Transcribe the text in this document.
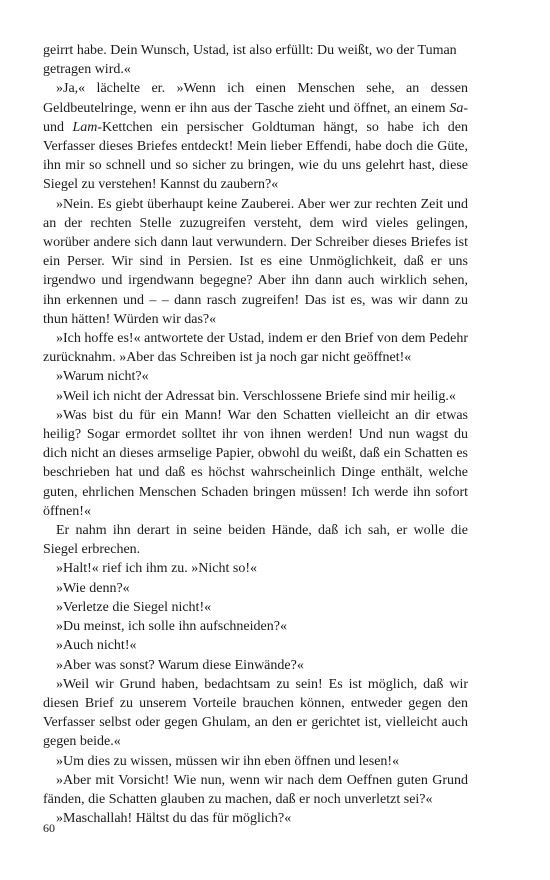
geirrt habe. Dein Wunsch, Ustad, ist also erfüllt: Du weißt, wo der Tuman getragen wird.«

»Ja,« lächelte er. »Wenn ich einen Menschen sehe, an dessen Geldbeutelringe, wenn er ihn aus der Tasche zieht und öffnet, an einem Sa- und Lam-Kettchen ein persischer Goldtuman hängt, so habe ich den Verfasser dieses Briefes entdeckt! Mein lieber Effendi, habe doch die Güte, ihn mir so schnell und so sicher zu bringen, wie du uns gelehrt hast, diese Siegel zu verstehen! Kannst du zaubern?«

»Nein. Es giebt überhaupt keine Zauberei. Aber wer zur rechten Zeit und an der rechten Stelle zuzugreifen versteht, dem wird vieles gelingen, worüber andere sich dann laut verwundern. Der Schreiber dieses Briefes ist ein Perser. Wir sind in Persien. Ist es eine Unmöglichkeit, daß er uns irgendwo und irgendwann begegne? Aber ihn dann auch wirklich sehen, ihn erkennen und – – dann rasch zugreifen! Das ist es, was wir dann zu thun hätten! Würden wir das?«

»Ich hoffe es!« antwortete der Ustad, indem er den Brief von dem Pedehr zurücknahm. »Aber das Schreiben ist ja noch gar nicht geöffnet!«

»Warum nicht?«

»Weil ich nicht der Adressat bin. Verschlossene Briefe sind mir heilig.«

»Was bist du für ein Mann! War den Schatten vielleicht an dir etwas heilig? Sogar ermordet solltet ihr von ihnen werden! Und nun wagst du dich nicht an dieses armselige Papier, obwohl du weißt, daß ein Schatten es beschrieben hat und daß es höchst wahrscheinlich Dinge enthält, welche guten, ehrlichen Menschen Schaden bringen müssen! Ich werde ihn sofort öffnen!«

Er nahm ihn derart in seine beiden Hände, daß ich sah, er wolle die Siegel erbrechen.

»Halt!« rief ich ihm zu. »Nicht so!«

»Wie denn?«

»Verletze die Siegel nicht!«

»Du meinst, ich solle ihn aufschneiden?«

»Auch nicht!«

»Aber was sonst? Warum diese Einwände?«

»Weil wir Grund haben, bedachtsam zu sein! Es ist möglich, daß wir diesen Brief zu unserem Vorteile brauchen können, entweder gegen den Verfasser selbst oder gegen Ghulam, an den er gerichtet ist, vielleicht auch gegen beide.«

»Um dies zu wissen, müssen wir ihn eben öffnen und lesen!«

»Aber mit Vorsicht! Wie nun, wenn wir nach dem Oeffnen guten Grund fänden, die Schatten glauben zu machen, daß er noch unverletzt sei?«

»Maschallah! Hältst du das für möglich?«

60
